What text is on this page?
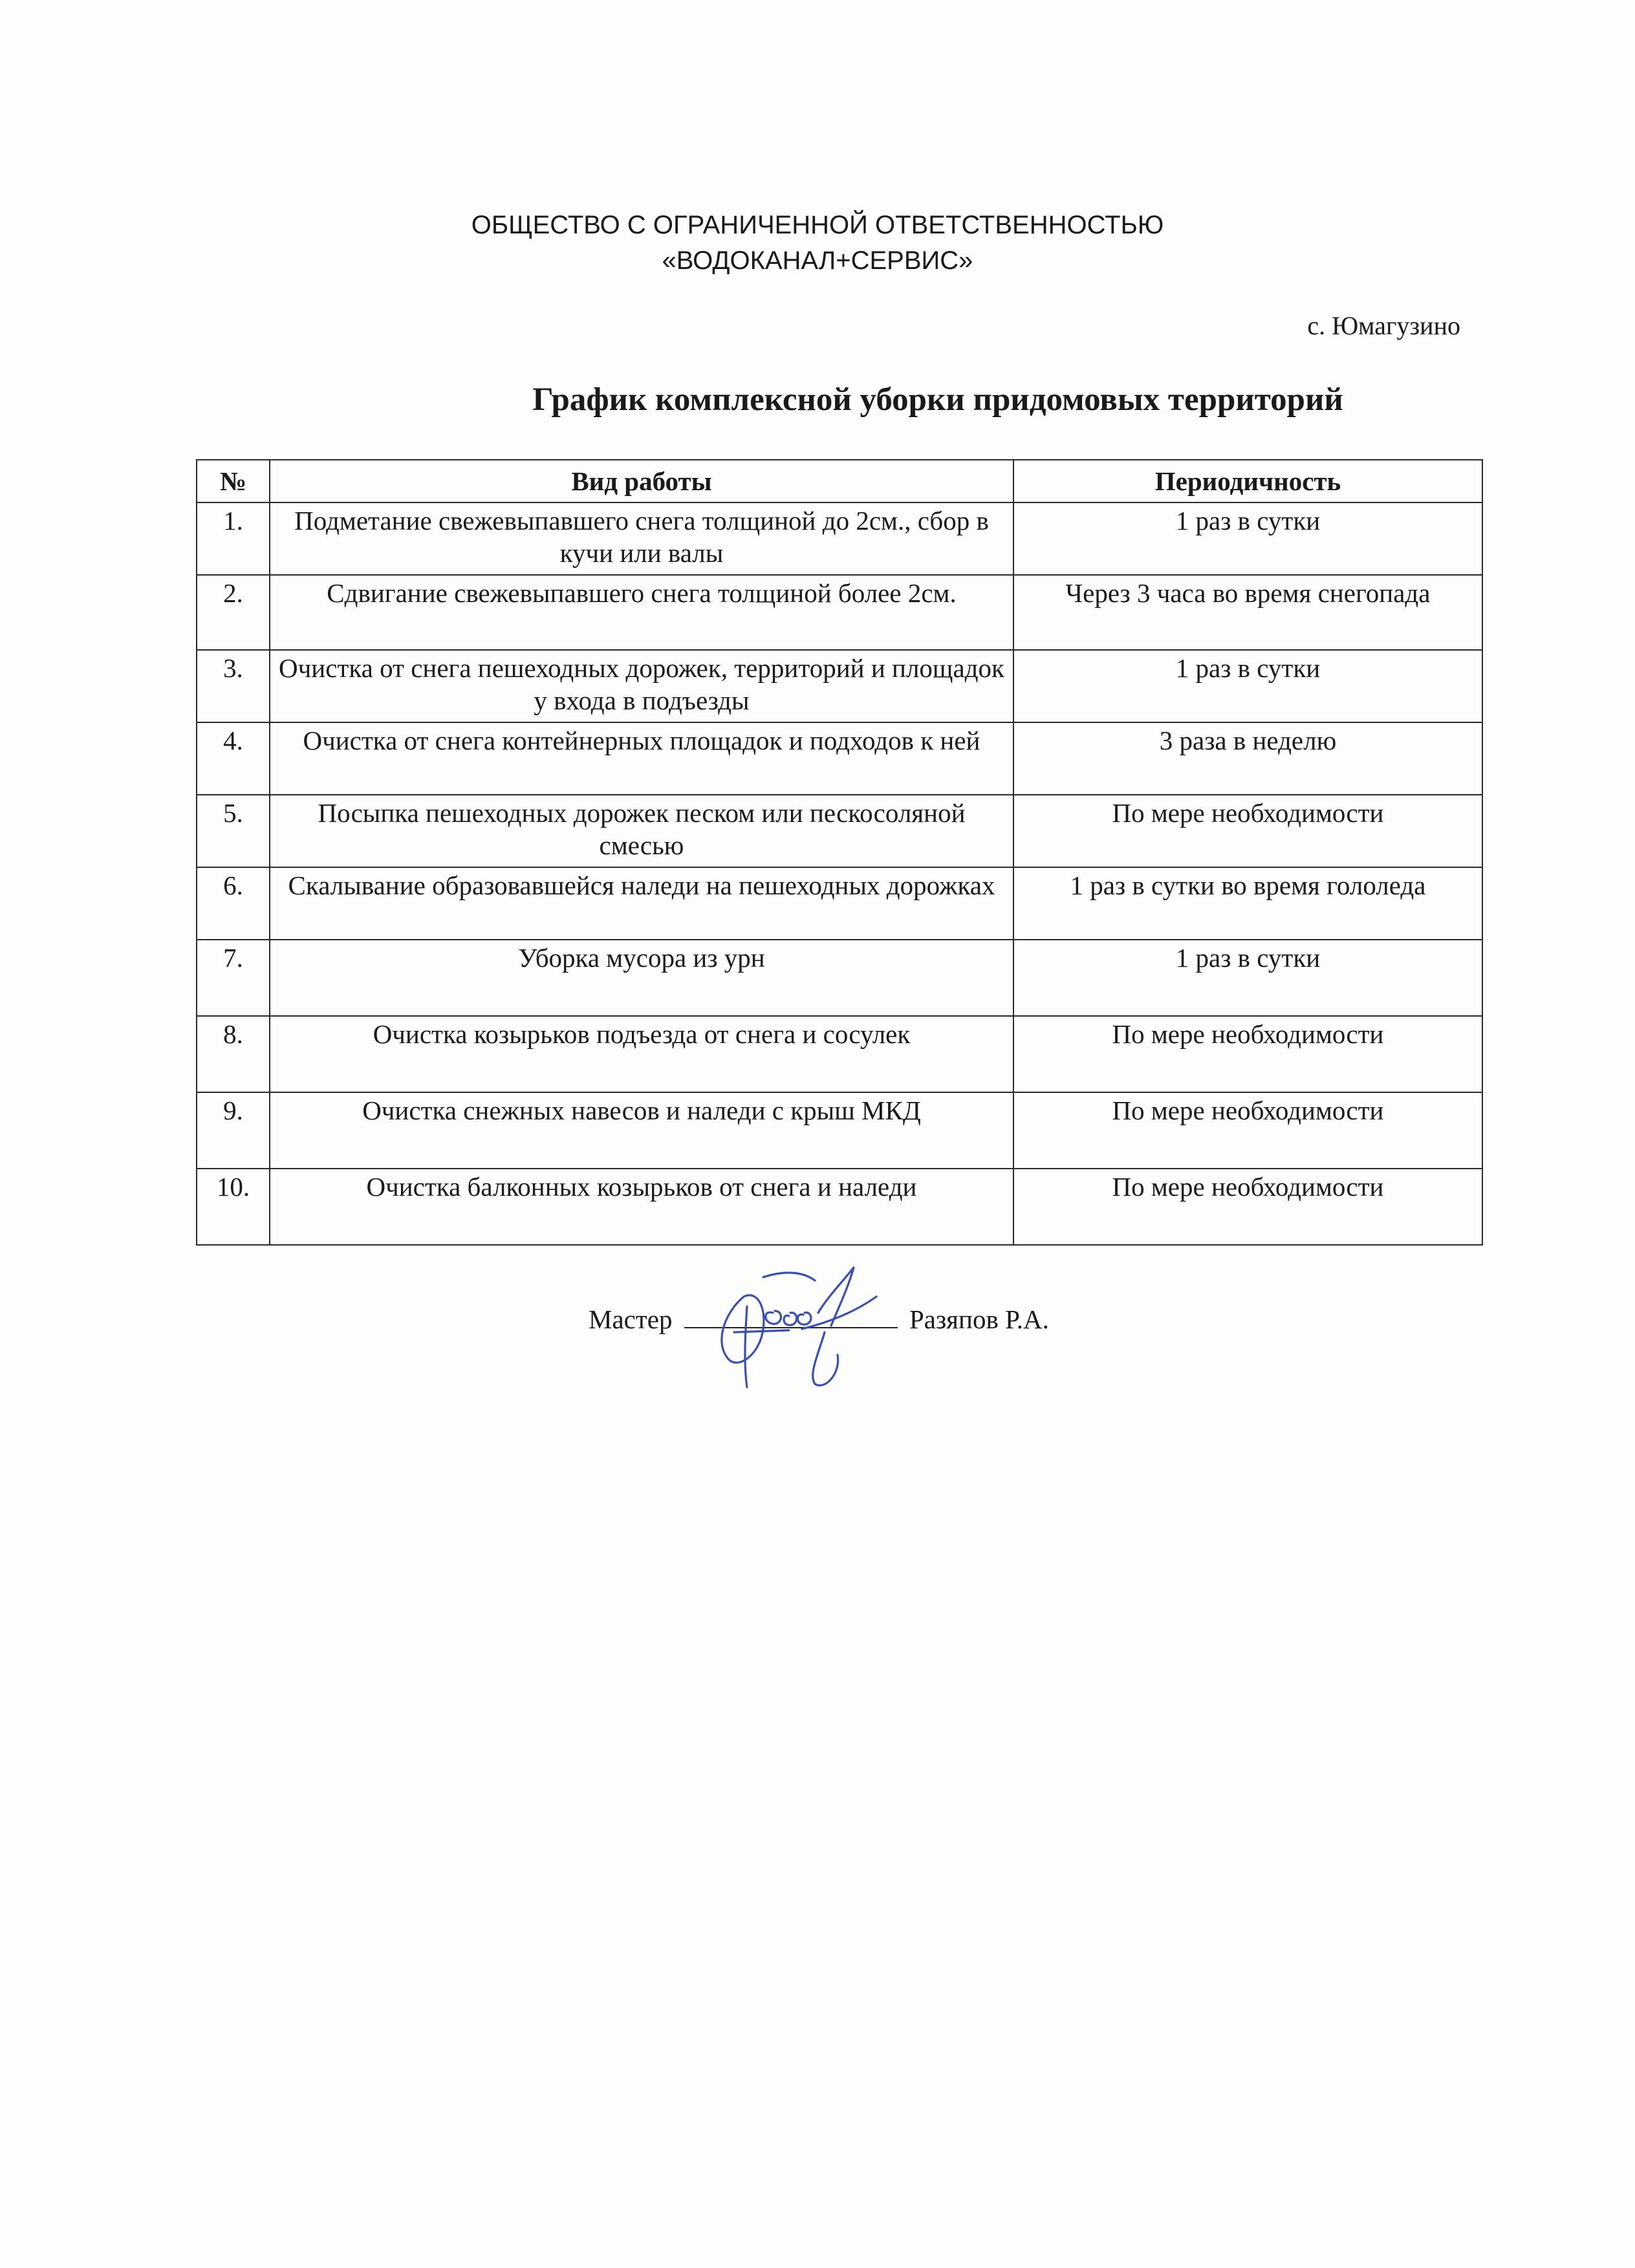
ОБЩЕСТВО С ОГРАНИЧЕННОЙ ОТВЕТСТВЕННОСТЬЮ
«ВОДОКАНАЛ+СЕРВИС»
с. Юмагузино
График комплексной уборки придомовых территорий
№	Вид работы	Периодичность
1.	Подметание свежевыпавшего снега толщиной до 2см., сбор в кучи или валы	1 раз в сутки
2.	Сдвигание свежевыпавшего снега толщиной более 2см.	Через 3 часа во время снегопада
3.	Очистка от снега пешеходных дорожек, территорий и площадок у входа в подъезды	1 раз в сутки
4.	Очистка от снега контейнерных площадок и подходов к ней	3 раза в неделю
5.	Посыпка пешеходных дорожек песком или пескосоляной смесью	По мере необходимости
6.	Скалывание образовавшейся наледи на пешеходных дорожках	1 раз в сутки во время гололеда
7.	Уборка мусора из урн	1 раз в сутки
8.	Очистка козырьков подъезда от снега и сосулек	По мере необходимости
9.	Очистка снежных навесов и наледи с крыш МКД	По мере необходимости
10.	Очистка балконных козырьков от снега и наледи	По мере необходимости
Мастер	Разяпов Р.А.
